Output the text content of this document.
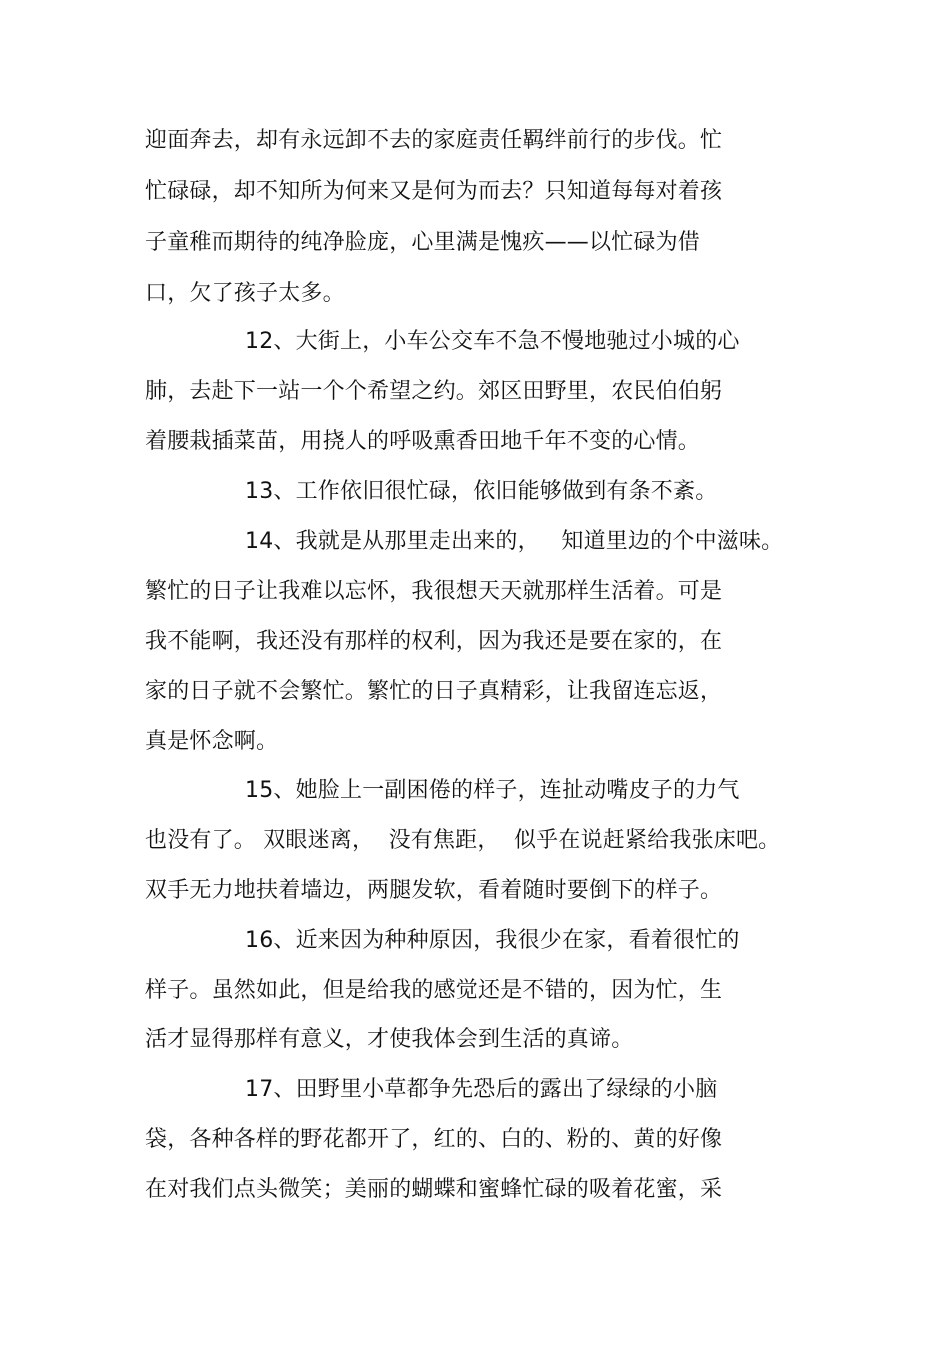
迎面奔去，却有永远卸不去的家庭责任羁绊前行的步伐。忙
忙碌碌，却不知所为何来又是何为而去？只知道每每对着孩
子童稚而期待的纯净脸庞，心里满是愧疚——以忙碌为借
口，欠了孩子太多。
12、大街上，小车公交车不急不慢地驰过小城的心
肺，去赴下一站一个个希望之约。郊区田野里，农民伯伯躬
着腰栽插菜苗，用挠人的呼吸熏香田地千年不变的心情。
13、工作依旧很忙碌，依旧能够做到有条不紊。
14、我就是从那里走出来的，   知道里边的个中滋味。
繁忙的日子让我难以忘怀，我很想天天就那样生活着。可是
我不能啊，我还没有那样的权利，因为我还是要在家的，在
家的日子就不会繁忙。繁忙的日子真精彩，让我留连忘返，
真是怀念啊。
15、她脸上一副困倦的样子，连扯动嘴皮子的力气
也没有了。 双眼迷离，  没有焦距，  似乎在说赶紧给我张床吧。
双手无力地扶着墙边，两腿发软，看着随时要倒下的样子。
16、近来因为种种原因，我很少在家，看着很忙的
样子。虽然如此，但是给我的感觉还是不错的，因为忙，生
活才显得那样有意义，才使我体会到生活的真谛。
17、田野里小草都争先恐后的露出了绿绿的小脑
袋，各种各样的野花都开了，红的、白的、粉的、黄的好像
在对我们点头微笑；美丽的蝴蝶和蜜蜂忙碌的吸着花蜜，采
